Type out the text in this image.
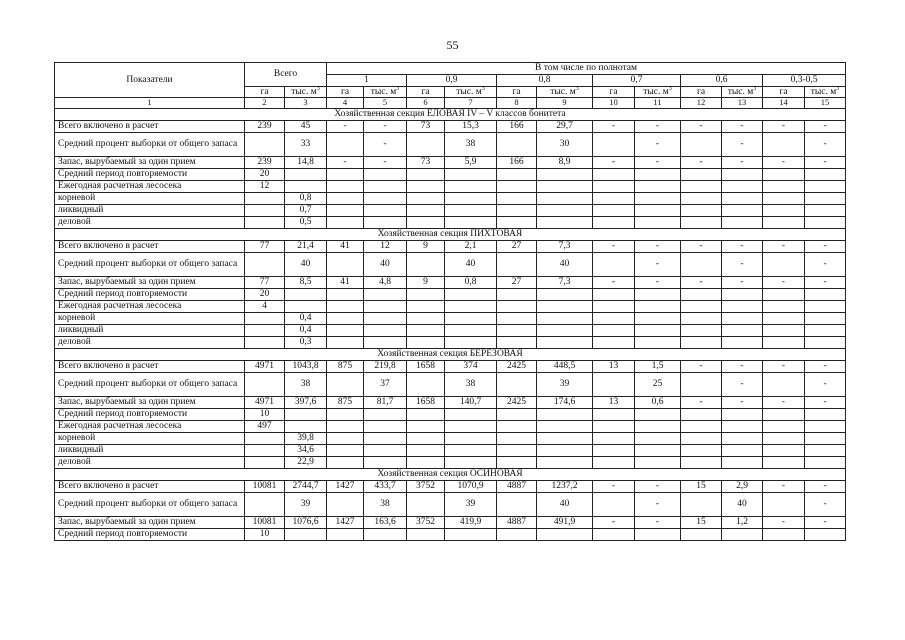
55
Показатели	Всего		В том числе по полнотам											
			1		0,9		0,8		0,7		0,6		0,3-0,5	
	га	тыс. $м^3$	га	тыс. $м^3$	га	тыс. $м^3$	га	тыс. $м^3$	га	тыс. $м^3$	га	тыс. $м^3$	га	тыс. $м^3$
1	2	3	4	5	6	7	8	9	10	11	12	13	14	15
Хозяйственная секция ЕЛОВАЯ IV – V классов бонитета														
Всего включено в расчет	239	45	-	-	73	15,3	166	29,7	-	-	-	-	-	-
Средний процент выборки от общего запаса		33		-		38		30		-		-		-
Запас, вырубаемый за один прием	239	14,8	-	-	73	5,9	166	8,9	-	-	-	-	-	-
Средний период повторяемости	20													
Ежегодная расчетная лесосека	12													
корневой		0,8												
ликвидный		0,7												
деловой		0,5												
Хозяйственная секция ПИХТОВАЯ														
Всего включено в расчет	77	21,4	41	12	9	2,1	27	7,3	-	-	-	-	-	-
Средний процент выборки от общего запаса		40		40		40		40		-		-		-
Запас, вырубаемый за один прием	77	8,5	41	4,8	9	0,8	27	7,3	-	-	-	-	-	-
Средний период повторяемости	20													
Ежегодная расчетная лесосека	4													
корневой		0,4												
ликвидный		0,4												
деловой		0,3												
Хозяйственная секция БЕРЕЗОВАЯ														
Всего включено в расчет	4971	1043,8	875	219,8	1658	374	2425	448,5	13	1,5	-	-	-	-
Средний процент выборки от общего запаса		38		37		38		39		25		-		-
Запас, вырубаемый за один прием	4971	397,6	875	81,7	1658	140,7	2425	174,6	13	0,6	-	-	-	-
Средний период повторяемости	10													
Ежегодная расчетная лесосека	497													
корневой		39,8												
ликвидный		34,6												
деловой		22,9												
Хозяйственная секция ОСИНОВАЯ														
Всего включено в расчет	10081	2744,7	1427	433,7	3752	1070,9	4887	1237,2	-	-	15	2,9	-	-
Средний процент выборки от общего запаса		39		38		39		40		-		40		-
Запас, вырубаемый за один прием	10081	1076,6	1427	163,6	3752	419,9	4887	491,9	-	-	15	1,2	-	-
Средний период повторяемости	10													
